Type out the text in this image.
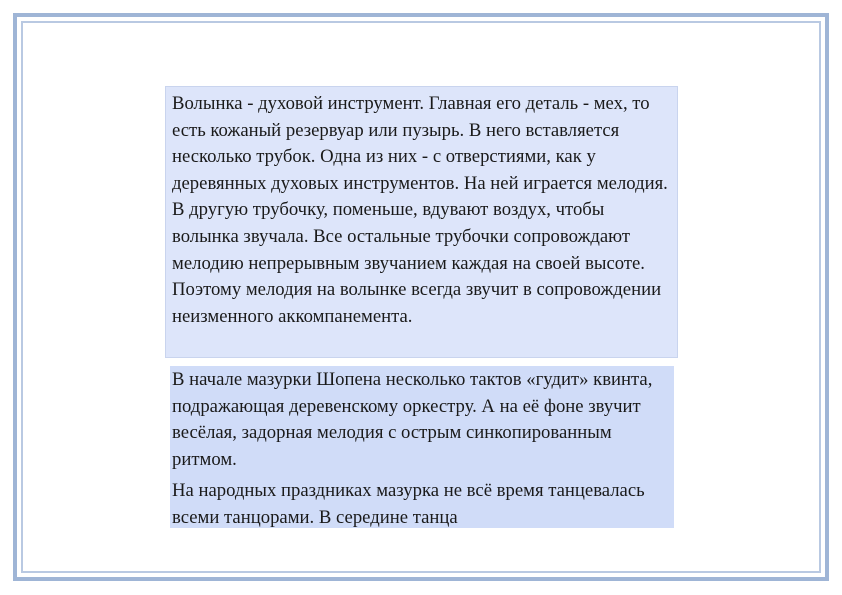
Волынка - духовой инструмент. Главная его деталь - мех, то есть кожаный резервуар или пузырь. В него вставляется несколько трубок. Одна из них - с отверстиями, как у деревянных духовых инструментов. На ней играется мелодия. В другую трубочку, поменьше, вдувают воздух, чтобы волынка звучала. Все остальные трубочки сопровождают мелодию непрерывным звучанием каждая на своей высоте. Поэтому мелодия на волынке всегда звучит в сопровождении неизменного аккомпанемента.

В начале мазурки Шопена несколько тактов «гудит» квинта, подражающая деревенскому оркестру. А на её фоне звучит весёлая, задорная мелодия с острым синкопированным ритмом.

На народных праздниках мазурка не всё время танцевалась всеми танцорами. В середине танца
